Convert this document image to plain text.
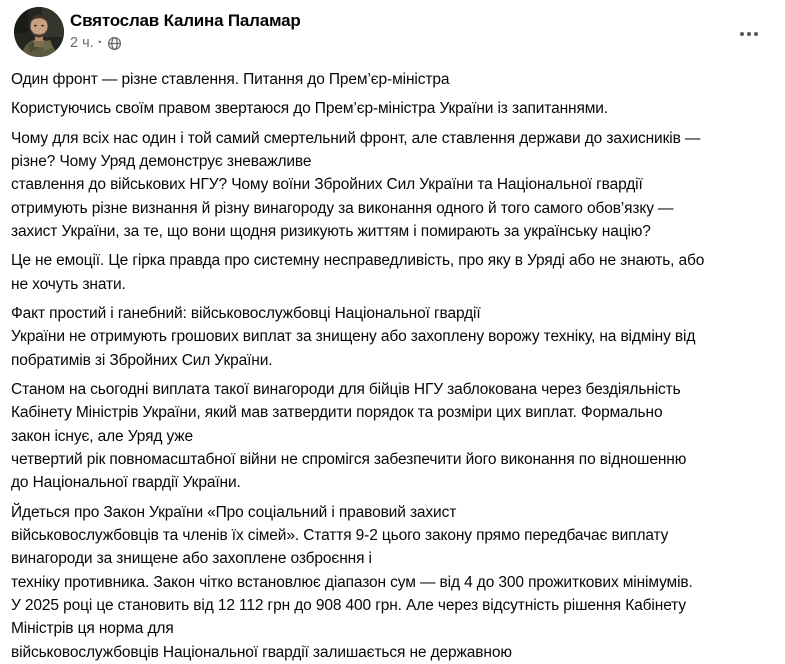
Святослав Калина Паламар
2 ч. ·
Один фронт — різне ставлення. Питання до Прем’єр-міністра
Користуючись своїм правом звертаюся до Прем’єр-міністра України із запитаннями.
Чому для всіх нас один і той самий смертельний фронт, але ставлення держави до захисників —
різне? Чому Уряд демонструє зневажливе
ставлення до військових НГУ? Чому воїни Збройних Сил України та Національної гвардії
отримують різне визнання й різну винагороду за виконання одного й того самого обов’язку —
захист України, за те, що вони щодня ризикують життям і помирають за українську націю?
Це не емоції. Це гірка правда про системну несправедливість, про яку в Уряді або не знають, або
не хочуть знати.
Факт простий і ганебний: військовослужбовці Національної гвардії
України не отримують грошових виплат за знищену або захоплену ворожу техніку, на відміну від
побратимів зі Збройних Сил України.
Станом на сьогодні виплата такої винагороди для бійців НГУ заблокована через бездіяльність
Кабінету Міністрів України, який мав затвердити порядок та розміри цих виплат. Формально
закон існує, але Уряд уже
четвертий рік повномасштабної війни не спромігся забезпечити його виконання по відношенню
до Національної гвардії України.
Йдеться про Закон України «Про соціальний і правовий захист
військовослужбовців та членів їх сімей». Стаття 9-2 цього закону прямо передбачає виплату
винагороди за знищене або захоплене озброєння і
техніку противника. Закон чітко встановлює діапазон сум — від 4 до 300 прожиткових мінімумів.
У 2025 році це становить від 12 112 грн до 908 400 грн. Але через відсутність рішення Кабінету
Міністрів ця норма для
військовослужбовців Національної гвардії залишається не державною
